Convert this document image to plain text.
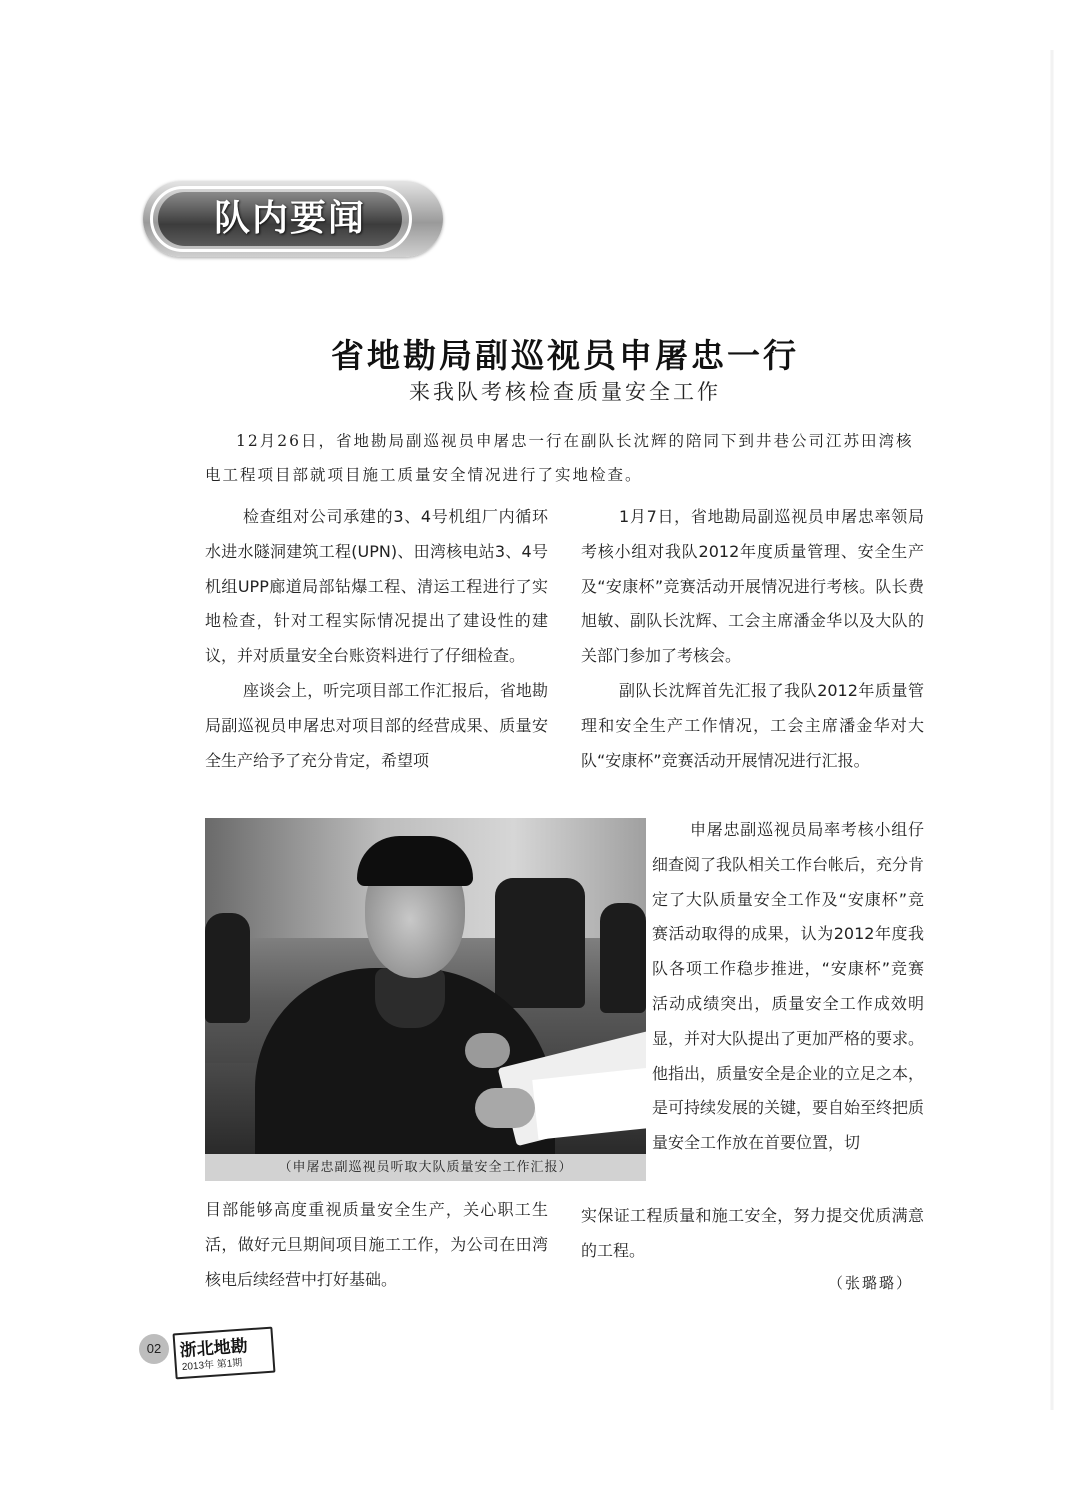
队内要闻
省地勘局副巡视员申屠忠一行
来我队考核检查质量安全工作

12月26日，省地勘局副巡视员申屠忠一行在副队长沈辉的陪同下到井巷公司江苏田湾核电工程项目部就项目施工质量安全情况进行了实地检查。

检查组对公司承建的3、4号机组厂内循环水进水隧洞建筑工程(UPN)、田湾核电站3、4号机组UPP廊道局部钻爆工程、清运工程进行了实地检查，针对工程实际情况提出了建设性的建议，并对质量安全台账资料进行了仔细检查。

座谈会上，听完项目部工作汇报后，省地勘局副巡视员申屠忠对项目部的经营成果、质量安全生产给予了充分肯定，希望项

（申屠忠副巡视员听取大队质量安全工作汇报）

目部能够高度重视质量安全生产，关心职工生活，做好元旦期间项目施工工作，为公司在田湾核电后续经营中打好基础。

1月7日，省地勘局副巡视员申屠忠率领局考核小组对我队2012年度质量管理、安全生产及“安康杯”竞赛活动开展情况进行考核。队长费旭敏、副队长沈辉、工会主席潘金华以及大队的关部门参加了考核会。

副队长沈辉首先汇报了我队2012年质量管理和安全生产工作情况，工会主席潘金华对大队“安康杯”竞赛活动开展情况进行汇报。

申屠忠副巡视员局率考核小组仔细查阅了我队相关工作台帐后，充分肯定了大队质量安全工作及“安康杯”竞赛活动取得的成果，认为2012年度我队各项工作稳步推进，“安康杯”竞赛活动成绩突出，质量安全工作成效明显，并对大队提出了更加严格的要求。他指出，质量安全是企业的立足之本，是可持续发展的关键，要自始至终把质量安全工作放在首要位置，切

实保证工程质量和施工安全，努力提交优质满意的工程。

（张璐璐）
02	浙北地勘
2013年 第1期
